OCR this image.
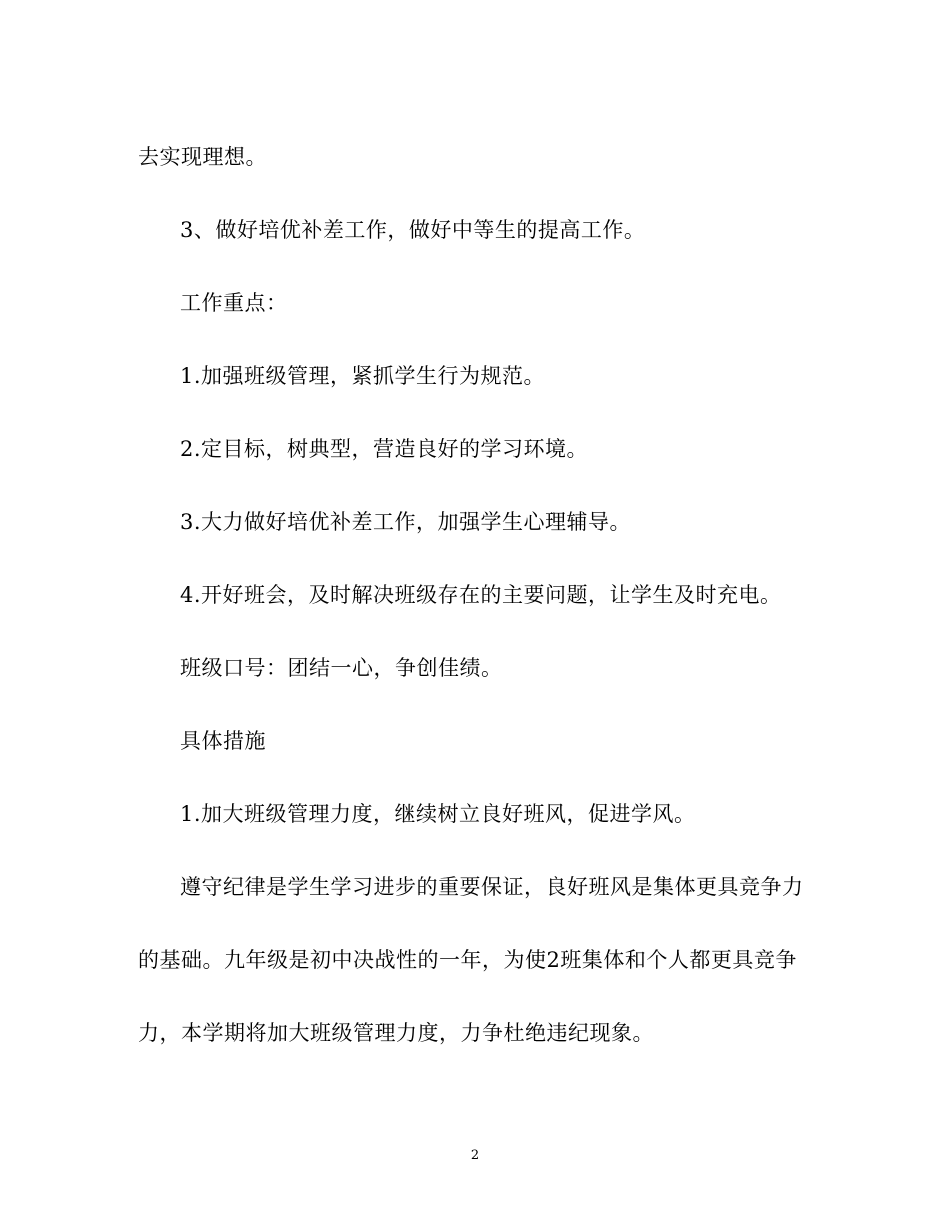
去实现理想。
3、做好培优补差工作，做好中等生的提高工作。
工作重点：
1.加强班级管理，紧抓学生行为规范。
2.定目标，树典型，营造良好的学习环境。
3.大力做好培优补差工作，加强学生心理辅导。
4.开好班会，及时解决班级存在的主要问题，让学生及时充电。
班级口号：团结一心，争创佳绩。
具体措施
1.加大班级管理力度，继续树立良好班风，促进学风。
遵守纪律是学生学习进步的重要保证，良好班风是集体更具竞争力
的基础。九年级是初中决战性的一年，为使2班集体和个人都更具竞争
力，本学期将加大班级管理力度，力争杜绝违纪现象。
2
